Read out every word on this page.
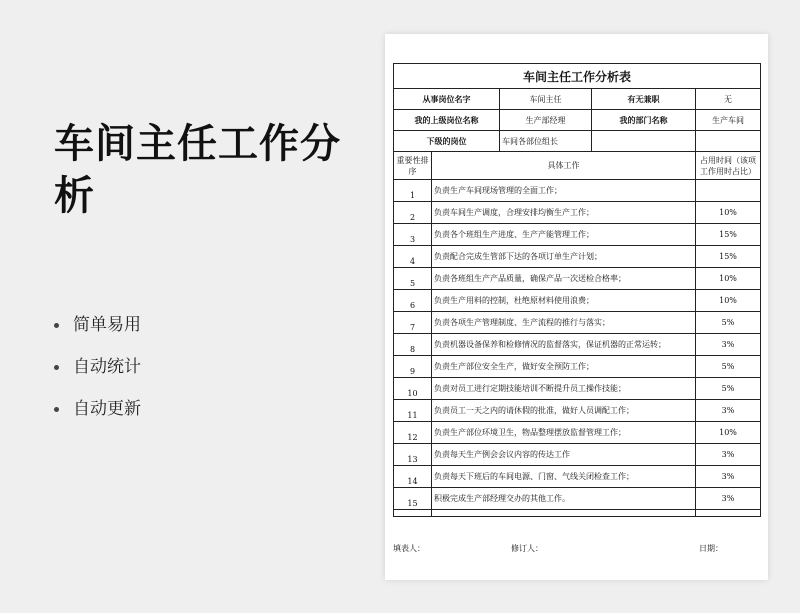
车间主任工作分析
简单易用
自动统计
自动更新
车间主任工作分析表				
从事岗位名字		车间主任	有无兼职	无
我的上级岗位名称		生产部经理	我的部门名称	生产车间
下级的岗位		车间各部位组长		
重要性排序	具体工作			占用时间（该项工作用时占比）
1	负责生产车间现场管理的全面工作；			
2	负责车间生产调度，合理安排均衡生产工作；			10%
3	负责各个班组生产进度、生产产能管理工作；			15%
4	负责配合完成生管部下达的各项订单生产计划；			15%
5	负责各班组生产产品质量，确保产品一次送检合格率；			10%
6	负责生产用料的控制，杜绝原材料使用浪费；			10%
7	负责各项生产管理制度、生产流程的推行与落实；			5%
8	负责机器设备保养和检修情况的监督落实，保证机器的正常运转；			3%
9	负责生产部位安全生产，做好安全预防工作；			5%
10	负责对员工进行定期技能培训不断提升员工操作技能；			5%
11	负责员工一天之内的请休假的批准，做好人员调配工作；			3%
12	负责生产部位环境卫生，物品整理摆放监督管理工作；			10%
13	负责每天生产例会会议内容的传达工作			3%
14	负责每天下班后的车间电源、门窗、气线关闭检查工作；			3%
15	积极完成生产部经理交办的其他工作。			3%

填表人：	修订人：	日期：
